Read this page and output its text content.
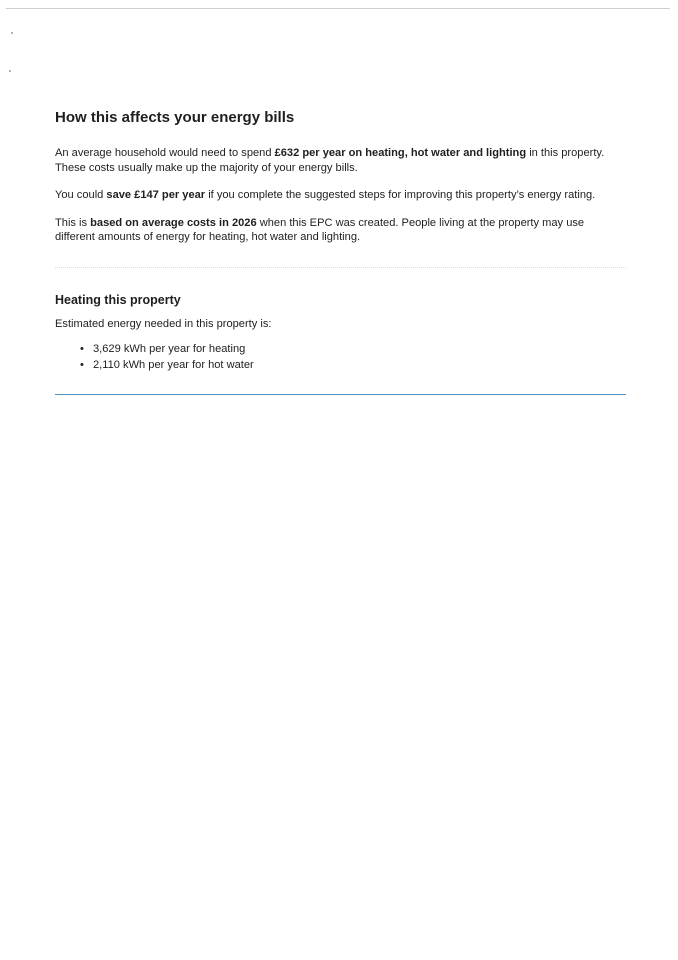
How this affects your energy bills

An average household would need to spend £632 per year on heating, hot water and lighting in this property. These costs usually make up the majority of your energy bills.

You could save £147 per year if you complete the suggested steps for improving this property’s energy rating.

This is based on average costs in 2026 when this EPC was created. People living at the property may use different amounts of energy for heating, hot water and lighting.

Heating this property

Estimated energy needed in this property is:

• 3,629 kWh per year for heating
• 2,110 kWh per year for hot water
